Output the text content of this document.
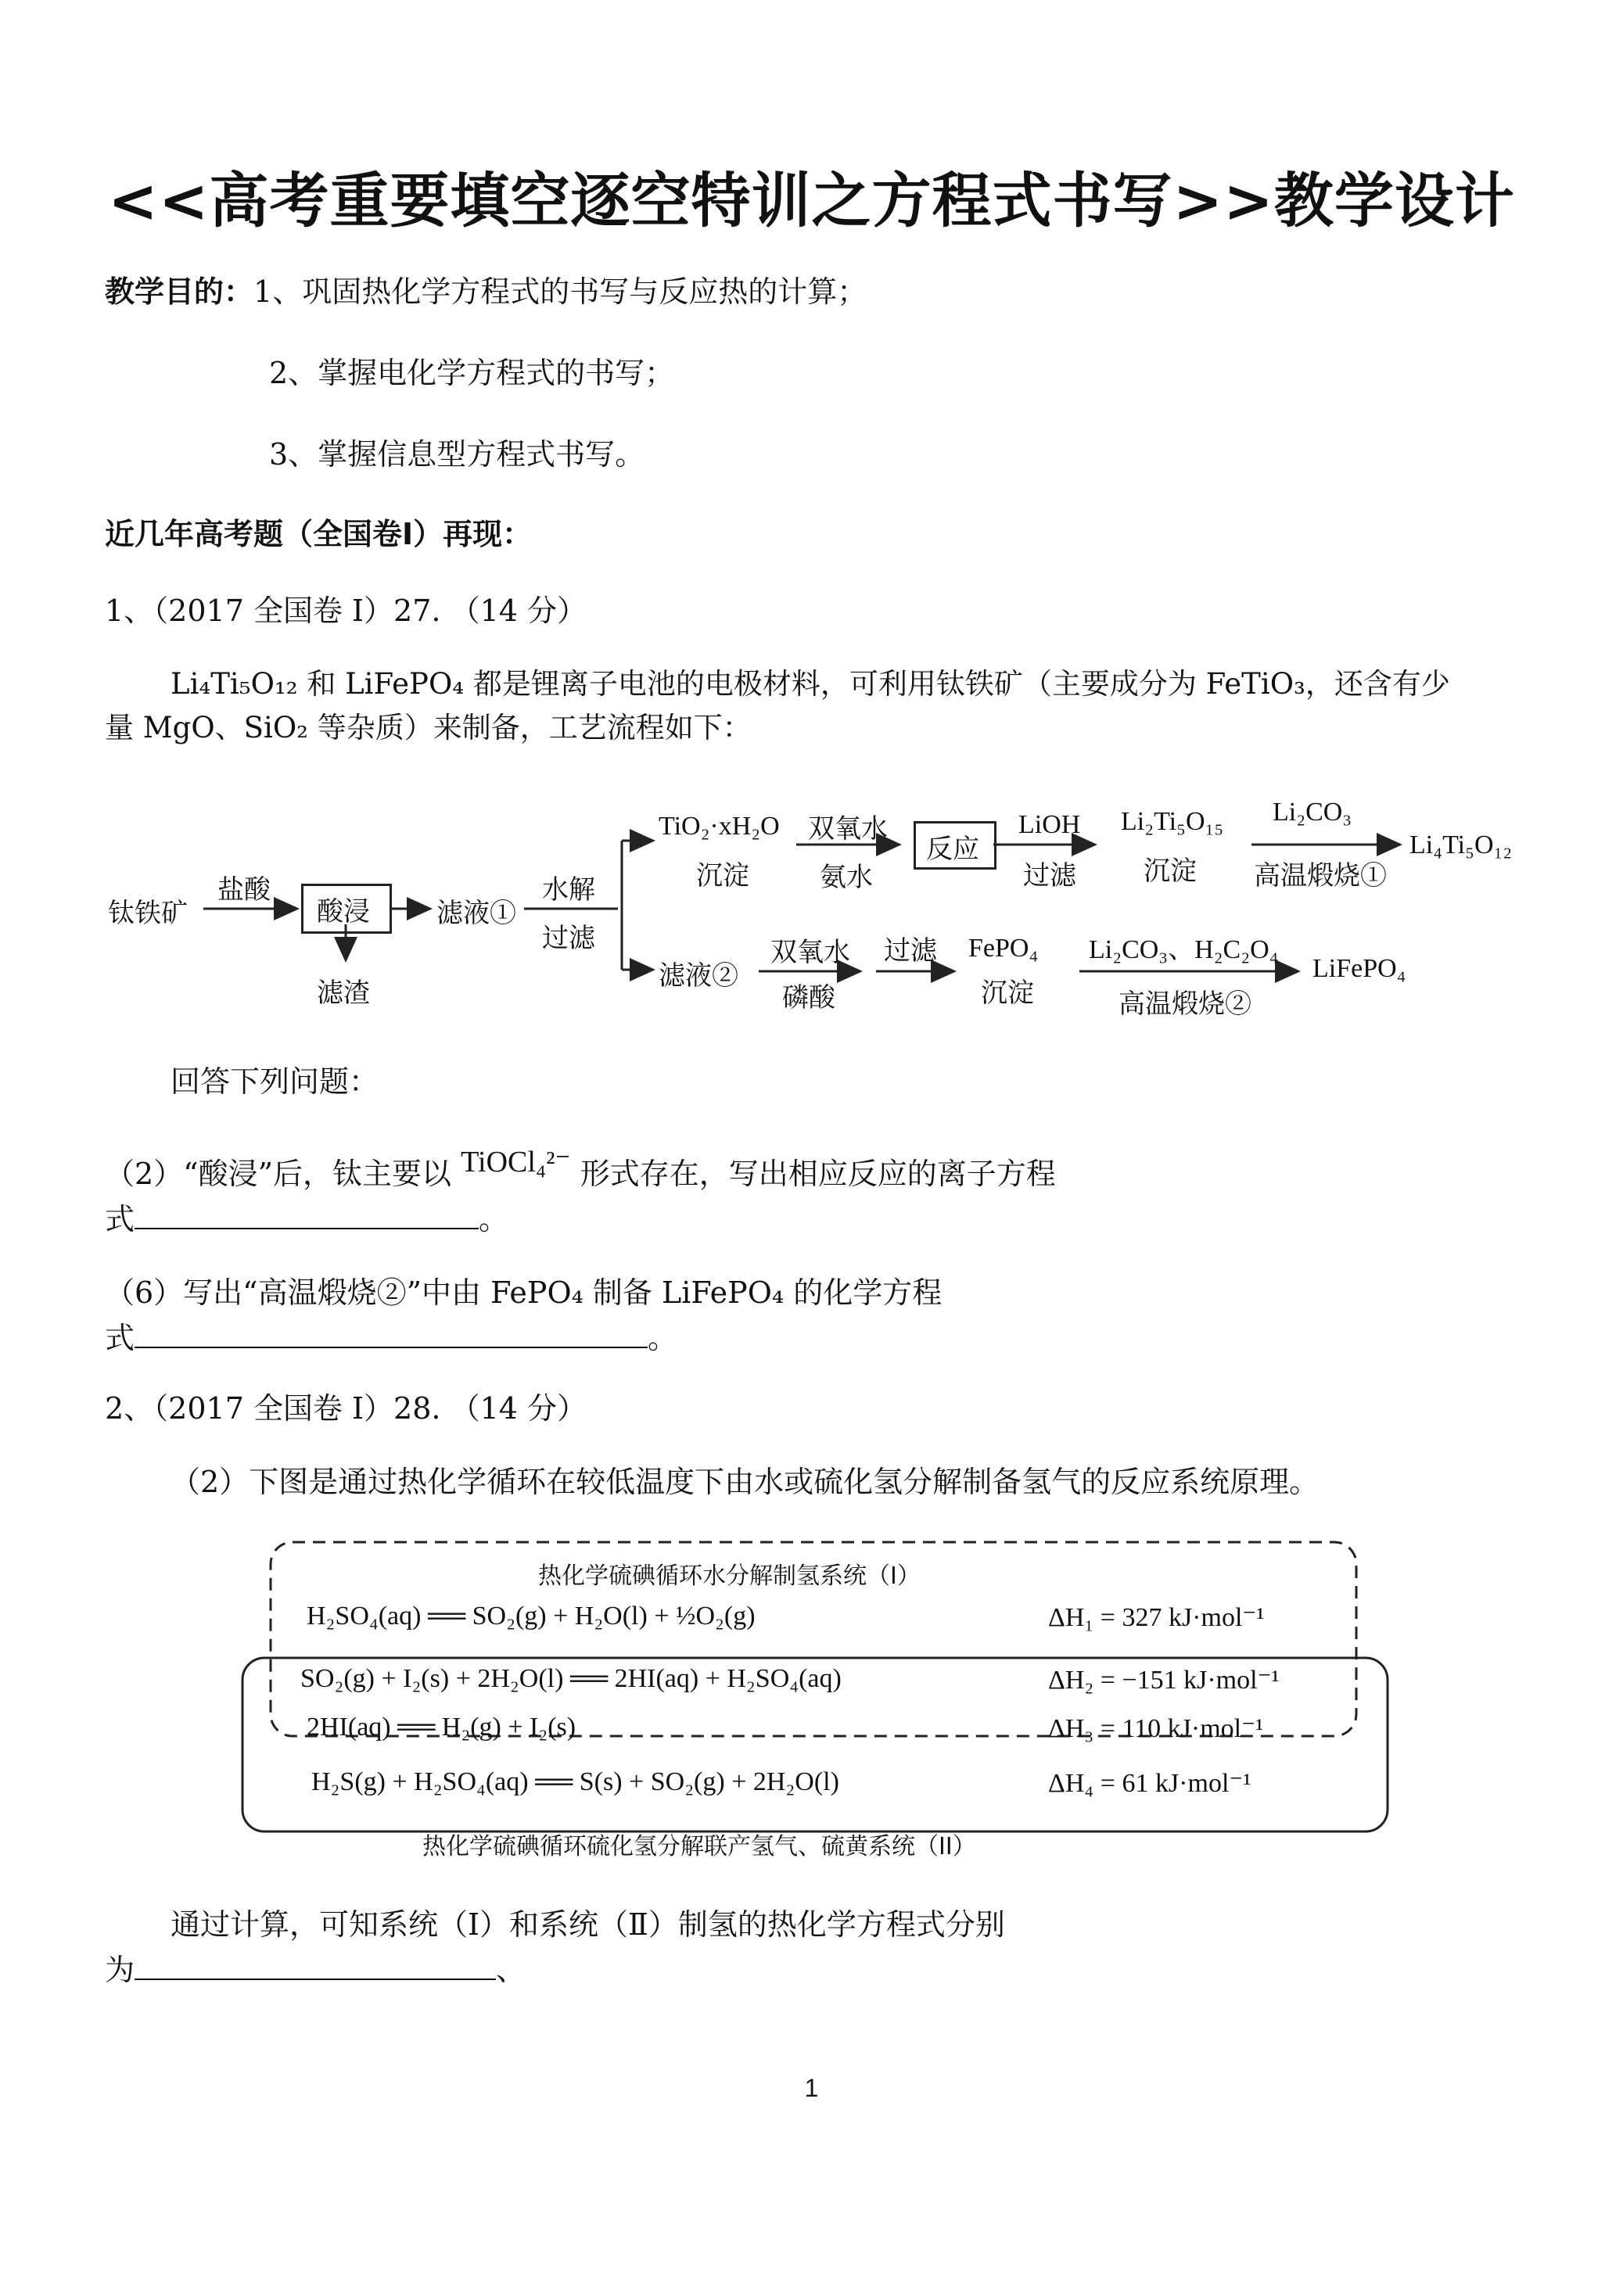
<<高考重要填空逐空特训之方程式书写>>教学设计
教学目的：1、巩固热化学方程式的书写与反应热的计算；
2、掌握电化学方程式的书写；
3、掌握信息型方程式书写。
近几年高考题（全国卷I）再现：
1、（2017 全国卷 I）27. （14 分）
Li₄Ti₅O₁₂ 和 LiFePO₄ 都是锂离子电池的电极材料，可利用钛铁矿（主要成分为 FeTiO₃，还含有少
量 MgO、SiO₂ 等杂质）来制备，工艺流程如下：
钛铁矿
盐酸
酸浸
滤渣
滤液①
水解
过滤
TiO₂·xH₂O
沉淀
双氧水
氨水
反应
LiOH
过滤
Li₂Ti₅O₁₅
沉淀
Li₂CO₃
高温煅烧①
Li₄Ti₅O₁₂
滤液②
双氧水
磷酸
过滤 FePO₄
沉淀
Li₂CO₃、H₂C₂O₄
高温煅烧②
LiFePO₄
回答下列问题：
（2）“酸浸”后，钛主要以 TiOCl₄²⁻ 形式存在，写出相应反应的离子方程
式	。
（6）写出“高温煅烧②”中由 FePO₄ 制备 LiFePO₄ 的化学方程
式	。
2、（2017 全国卷 I）28. （14 分）
（2）下图是通过热化学循环在较低温度下由水或硫化氢分解制备氢气的反应系统原理。
热化学硫碘循环水分解制氢系统（I）
H₂SO₄(aq) ══ SO₂(g) + H₂O(l) + ½O₂(g)	ΔH₁ = 327 kJ·mol⁻¹
SO₂(g) + I₂(s) + 2H₂O(l) ══ 2HI(aq) + H₂SO₄(aq)	ΔH₂ = −151 kJ·mol⁻¹
2HI(aq) ══ H₂(g) + I₂(s)	ΔH₃ = 110 kJ·mol⁻¹
H₂S(g) + H₂SO₄(aq) ══ S(s) + SO₂(g) + 2H₂O(l)	ΔH₄ = 61 kJ·mol⁻¹
热化学硫碘循环硫化氢分解联产氢气、硫黄系统（II）
通过计算，可知系统（Ⅰ）和系统（Ⅱ）制氢的热化学方程式分别
为	、
1
